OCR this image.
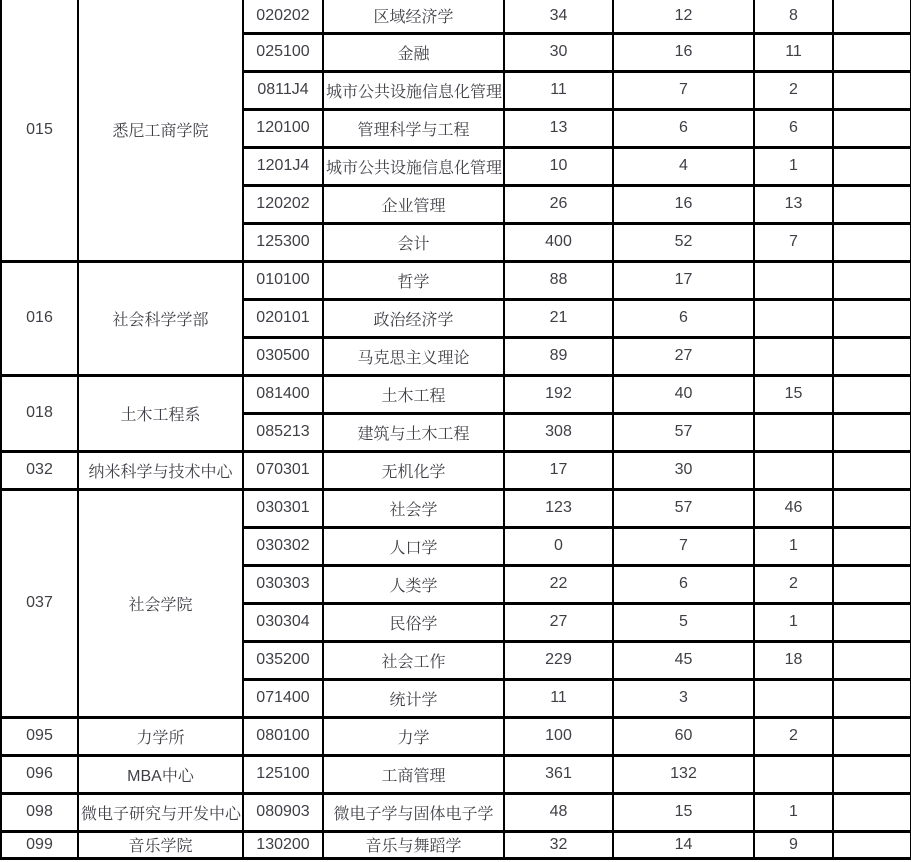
015	悉尼工商学院	020202	区域经济学	34	12	8	
		025100	金融	30	16	11	
		0811J4	城市公共设施信息化管理	11	7	2	
		120100	管理科学与工程	13	6	6	
		1201J4	城市公共设施信息化管理	10	4	1	
		120202	企业管理	26	16	13	
		125300	会计	400	52	7	
016	社会科学学部	010100	哲学	88	17		
		020101	政治经济学	21	6		
		030500	马克思主义理论	89	27		
018	土木工程系	081400	土木工程	192	40	15	
		085213	建筑与土木工程	308	57		
032	纳米科学与技术中心	070301	无机化学	17	30		
037	社会学院	030301	社会学	123	57	46	
		030302	人口学	0	7	1	
		030303	人类学	22	6	2	
		030304	民俗学	27	5	1	
		035200	社会工作	229	45	18	
		071400	统计学	11	3		
095	力学所	080100	力学	100	60	2	
096	MBA中心	125100	工商管理	361	132		
098	微电子研究与开发中心	080903	微电子学与固体电子学	48	15	1	
099	音乐学院	130200	音乐与舞蹈学	32	14	9	
